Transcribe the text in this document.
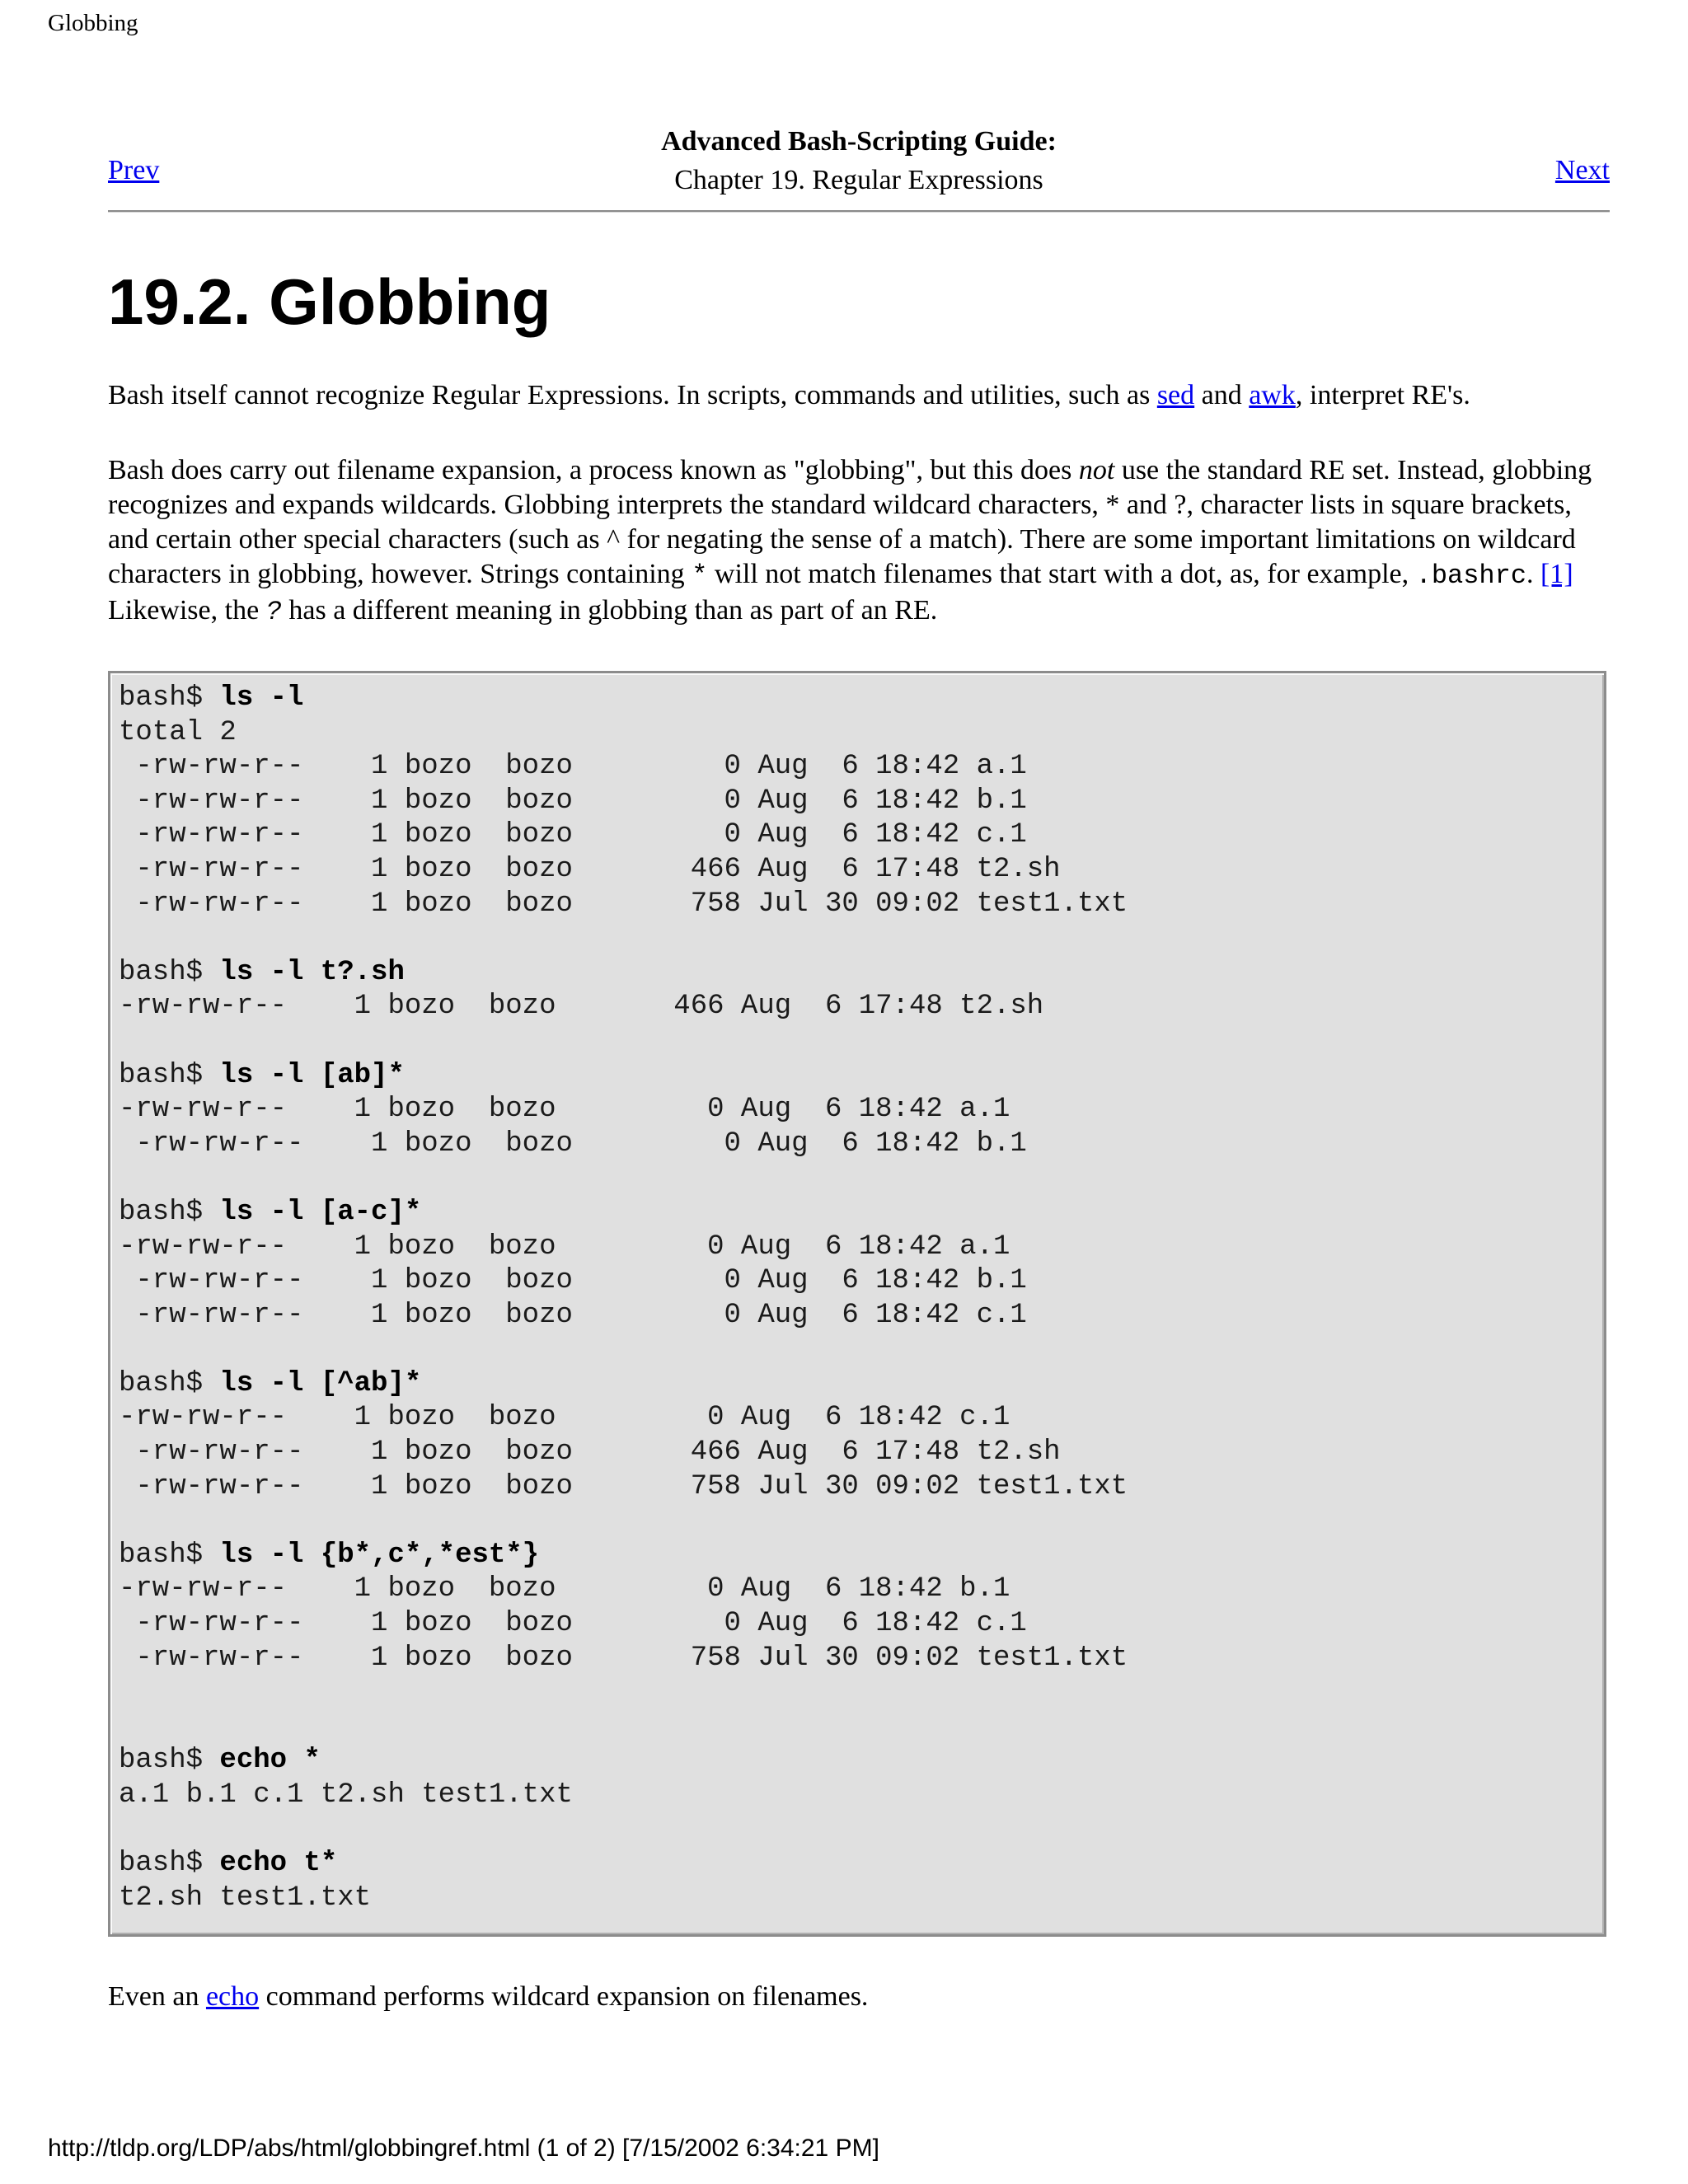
Globbing
Advanced Bash-Scripting Guide:
Chapter 19. Regular Expressions
Prev	Next
19.2. Globbing

Bash itself cannot recognize Regular Expressions. In scripts, commands and utilities, such as sed and awk, interpret RE's.

Bash does carry out filename expansion, a process known as "globbing", but this does not use the standard RE set. Instead, globbing recognizes and expands wildcards. Globbing interprets the standard wildcard characters, * and ?, character lists in square brackets, and certain other special characters (such as ^ for negating the sense of a match). There are some important limitations on wildcard characters in globbing, however. Strings containing * will not match filenames that start with a dot, as, for example, .bashrc. [1] Likewise, the ? has a different meaning in globbing than as part of an RE.

bash$ ls -l
total 2
-rw-rw-r--    1 bozo  bozo         0 Aug  6 18:42 a.1
-rw-rw-r--    1 bozo  bozo         0 Aug  6 18:42 b.1
-rw-rw-r--    1 bozo  bozo         0 Aug  6 18:42 c.1
-rw-rw-r--    1 bozo  bozo       466 Aug  6 17:48 t2.sh
-rw-rw-r--    1 bozo  bozo       758 Jul 30 09:02 test1.txt

bash$ ls -l t?.sh
-rw-rw-r--    1 bozo  bozo       466 Aug  6 17:48 t2.sh

bash$ ls -l [ab]*
-rw-rw-r--    1 bozo  bozo         0 Aug  6 18:42 a.1
-rw-rw-r--    1 bozo  bozo         0 Aug  6 18:42 b.1

bash$ ls -l [a-c]*
-rw-rw-r--    1 bozo  bozo         0 Aug  6 18:42 a.1
-rw-rw-r--    1 bozo  bozo         0 Aug  6 18:42 b.1
-rw-rw-r--    1 bozo  bozo         0 Aug  6 18:42 c.1

bash$ ls -l [^ab]*
-rw-rw-r--    1 bozo  bozo         0 Aug  6 18:42 c.1
-rw-rw-r--    1 bozo  bozo       466 Aug  6 17:48 t2.sh
-rw-rw-r--    1 bozo  bozo       758 Jul 30 09:02 test1.txt

bash$ ls -l {b*,c*,*est*}
-rw-rw-r--    1 bozo  bozo         0 Aug  6 18:42 b.1
-rw-rw-r--    1 bozo  bozo         0 Aug  6 18:42 c.1
-rw-rw-r--    1 bozo  bozo       758 Jul 30 09:02 test1.txt

bash$ echo *
a.1 b.1 c.1 t2.sh test1.txt

bash$ echo t*
t2.sh test1.txt

Even an echo command performs wildcard expansion on filenames.

http://tldp.org/LDP/abs/html/globbingref.html (1 of 2) [7/15/2002 6:34:21 PM]
